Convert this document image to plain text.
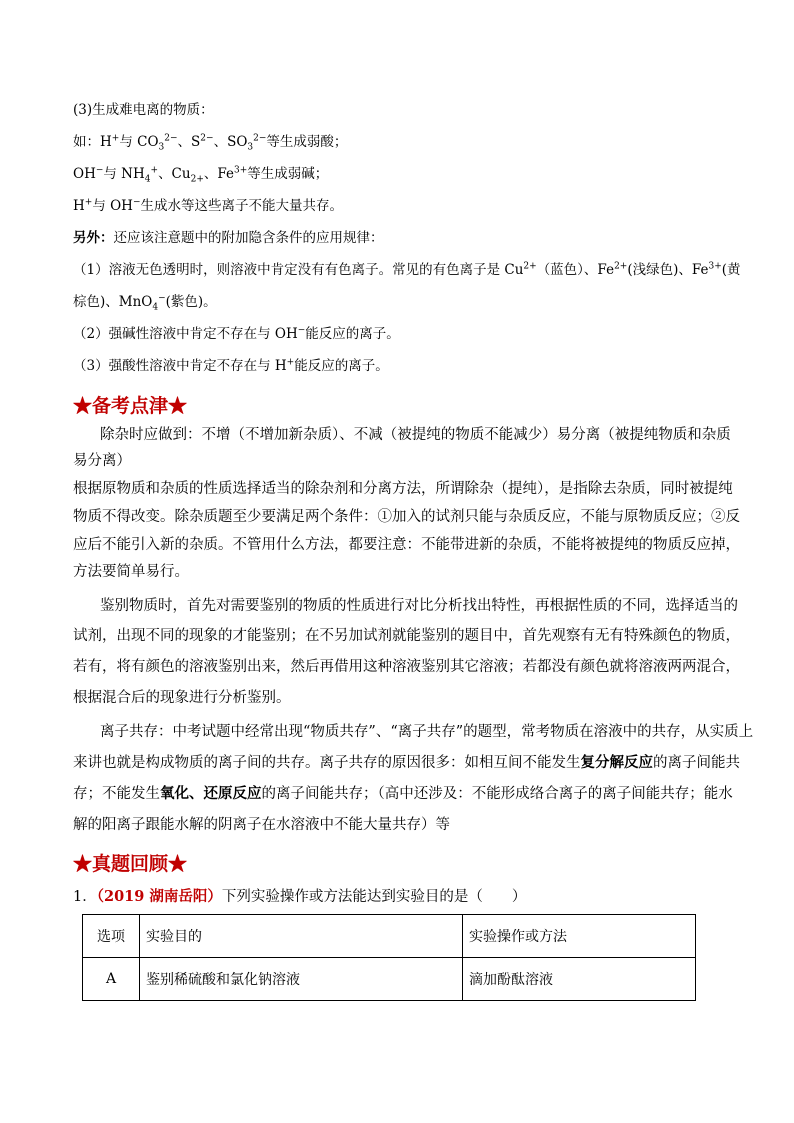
(3)生成难电离的物质：
如：H+与 $CO_3^{2-}$、$S^{2-}$、$SO_3^{2-}$等生成弱酸；
OH−与 $NH_4^+$、$Cu_{2+}$、$Fe^{3+}$等生成弱碱；
H+与 OH−生成水等这些离子不能大量共存。
另外：还应该注意题中的附加隐含条件的应用规律：
（1）溶液无色透明时，则溶液中肯定没有有色离子。常见的有色离子是 $Cu^{2+}$（蓝色）、$Fe^{2+}$(浅绿色)、$Fe^{3+}$(黄
棕色)、MnO$_4$−(紫色)。
（2）强碱性溶液中肯定不存在与 OH−能反应的离子。
（3）强酸性溶液中肯定不存在与 H+能反应的离子。
★备考点津★
除杂时应做到：不增（不增加新杂质）、不减（被提纯的物质不能减少）易分离（被提纯物质和杂质
易分离）
根据原物质和杂质的性质选择适当的除杂剂和分离方法，所谓除杂（提纯），是指除去杂质，同时被提纯
物质不得改变。除杂质题至少要满足两个条件：①加入的试剂只能与杂质反应，不能与原物质反应；②反
应后不能引入新的杂质。不管用什么方法，都要注意：不能带进新的杂质，不能将被提纯的物质反应掉，
方法要简单易行。
鉴别物质时，首先对需要鉴别的物质的性质进行对比分析找出特性，再根据性质的不同，选择适当的
试剂，出现不同的现象的才能鉴别；在不另加试剂就能鉴别的题目中，首先观察有无有特殊颜色的物质，
若有，将有颜色的溶液鉴别出来，然后再借用这种溶液鉴别其它溶液；若都没有颜色就将溶液两两混合，
根据混合后的现象进行分析鉴别。
离子共存：中考试题中经常出现“物质共存”、“离子共存”的题型，常考物质在溶液中的共存，从实质上
来讲也就是构成物质的离子间的共存。离子共存的原因很多：如相互间不能发生复分解反应的离子间能共
存；不能发生氧化、还原反应的离子间能共存；（高中还涉及：不能形成络合离子的离子间能共存；能水
解的阳离子跟能水解的阴离子在水溶液中不能大量共存）等
★真题回顾★
1．（2019 湖南岳阳）下列实验操作或方法能达到实验目的是（　　）
选项	实验目的	实验操作或方法
A	鉴别稀硫酸和氯化钠溶液	滴加酚酞溶液
